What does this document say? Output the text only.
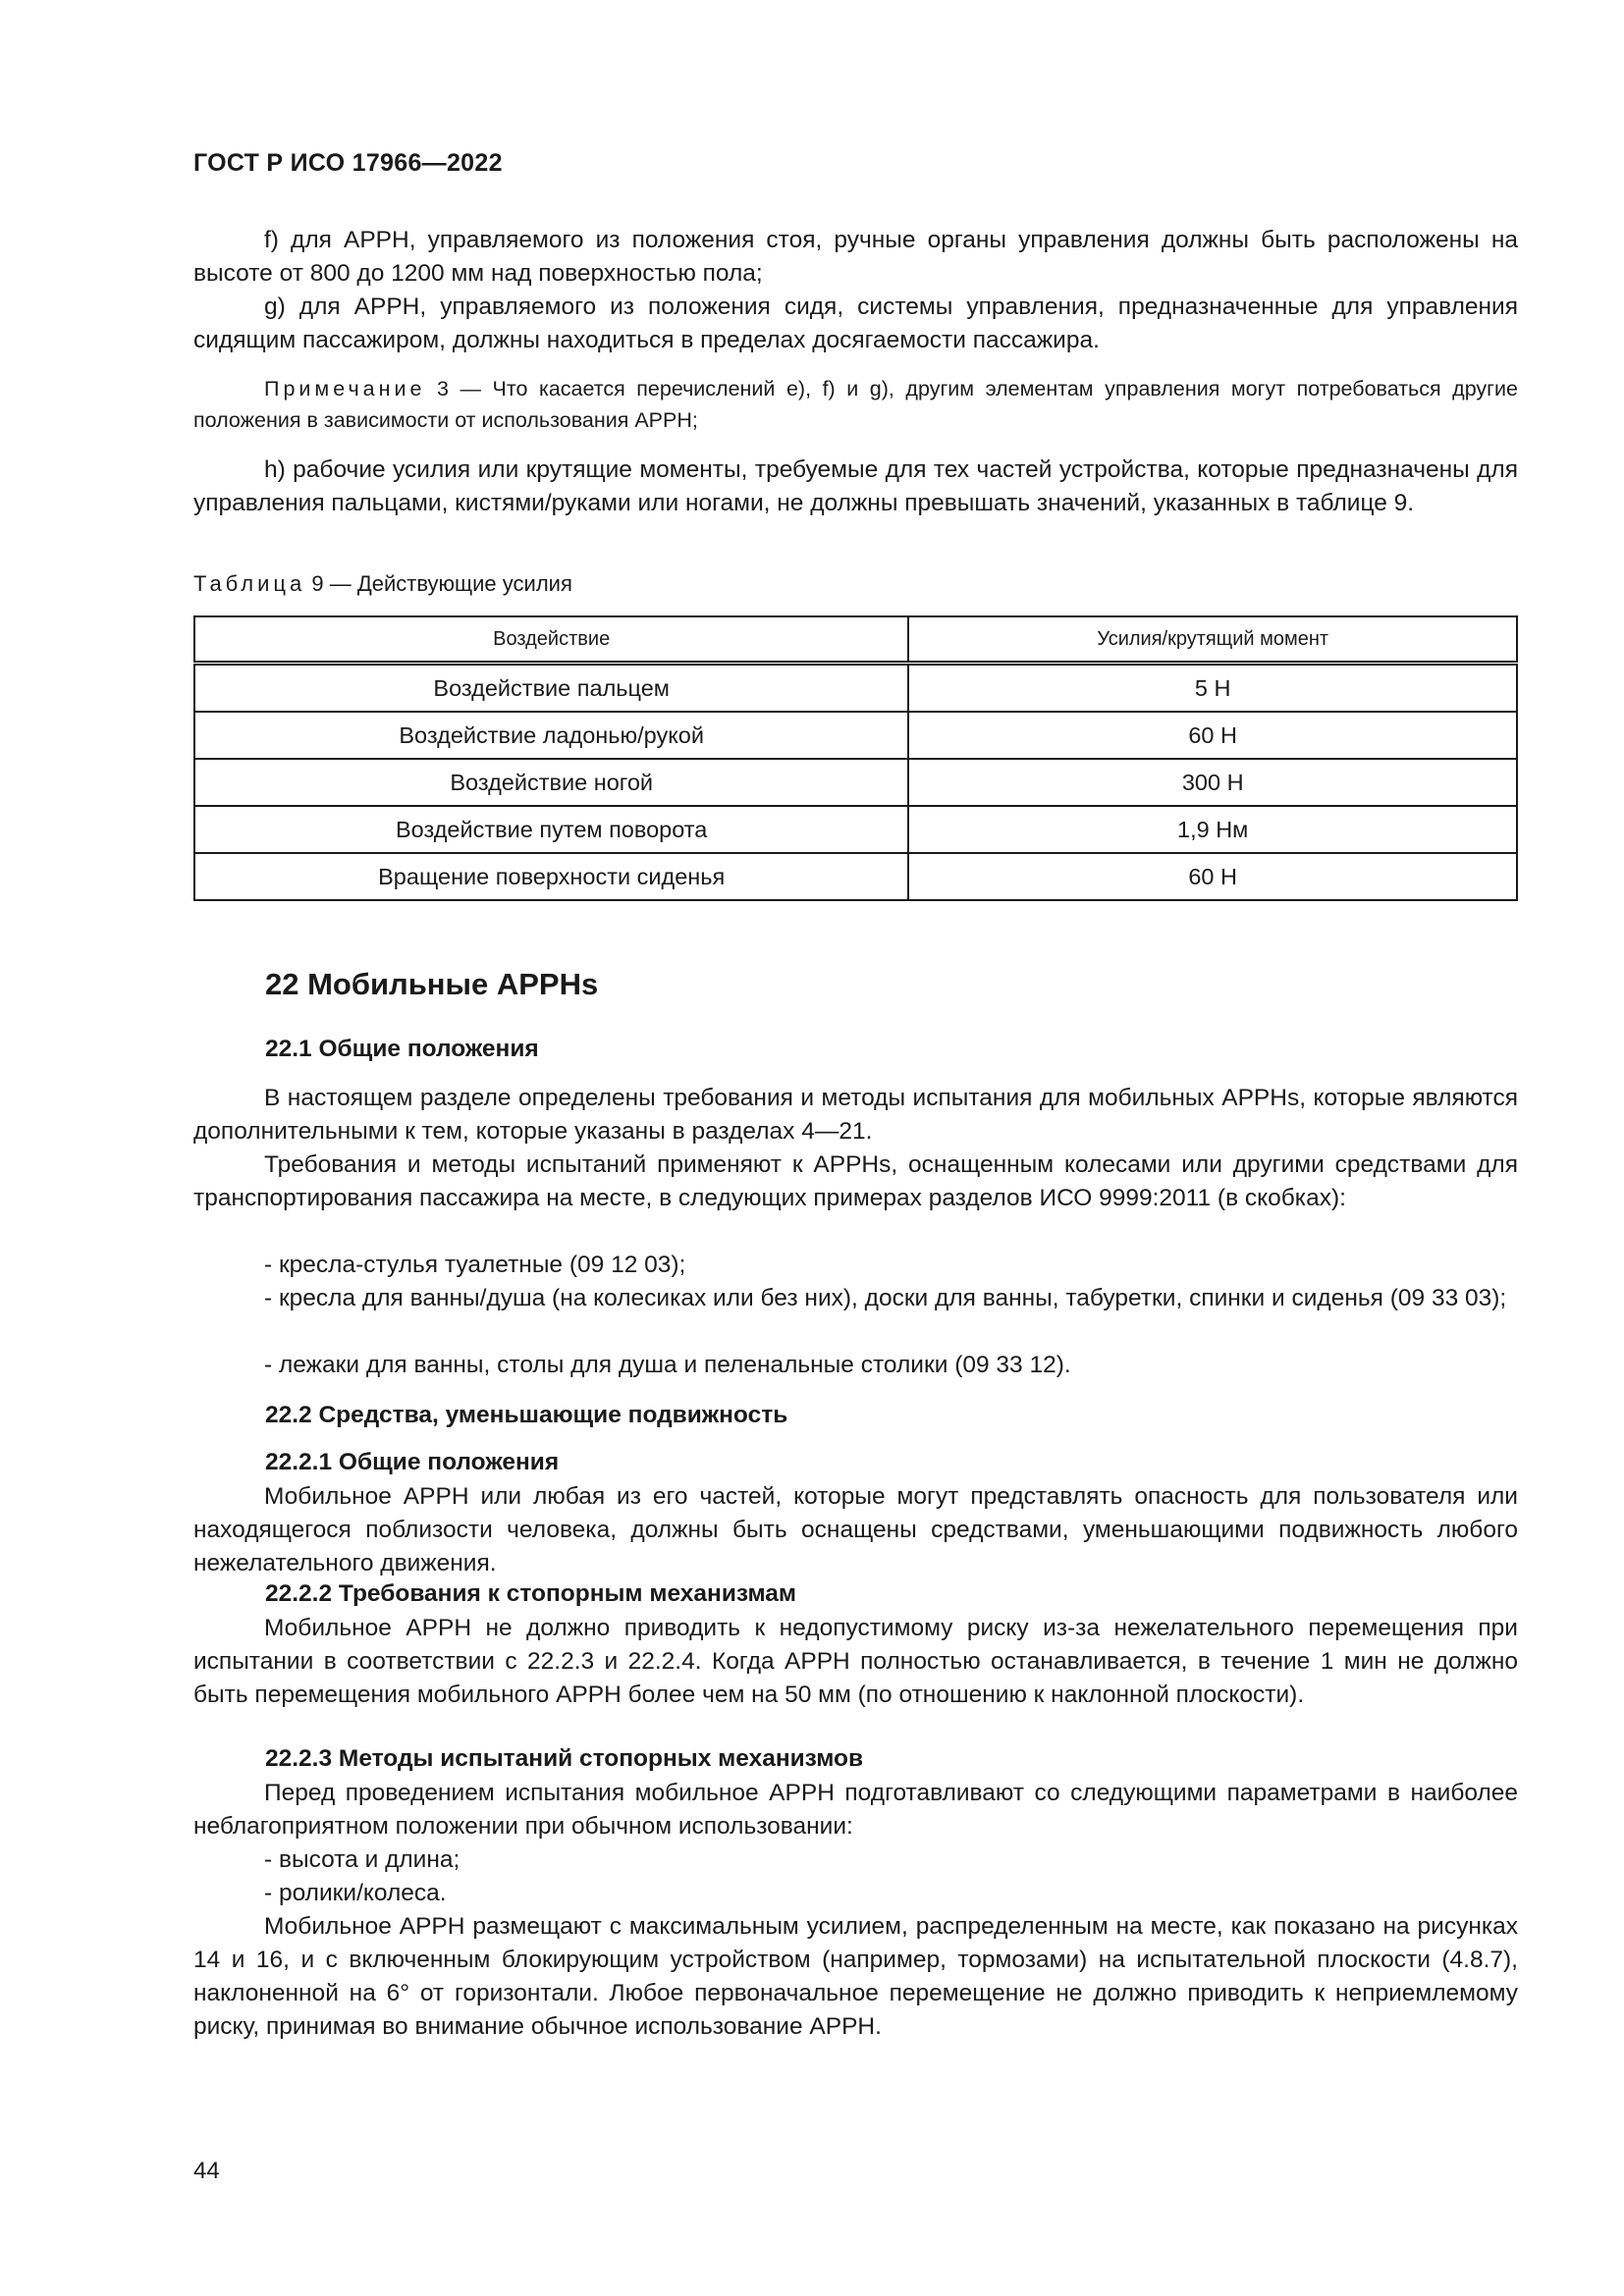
ГОСТ Р ИСО 17966—2022

f) для АРРН, управляемого из положения стоя, ручные органы управления должны быть расположены на высоте от 800 до 1200 мм над поверхностью пола;

g) для АРРН, управляемого из положения сидя, системы управления, предназначенные для управления сидящим пассажиром, должны находиться в пределах досягаемости пассажира.

Примечание 3 — Что касается перечислений е), f) и g), другим элементам управления могут потребоваться другие положения в зависимости от использования АРРН;

h) рабочие усилия или крутящие моменты, требуемые для тех частей устройства, которые предназначены для управления пальцами, кистями/руками или ногами, не должны превышать значений, указанных в таблице 9.

Таблица 9 — Действующие усилия
Воздействие	Усилия/крутящий момент
Воздействие пальцем	5 Н
Воздействие ладонью/рукой	60 Н
Воздействие ногой	300 Н
Воздействие путем поворота	1,9 Нм
Вращение поверхности сиденья	60 Н
22 Мобильные АРРНs
22.1 Общие положения

В настоящем разделе определены требования и методы испытания для мобильных АРРНs, которые являются дополнительными к тем, которые указаны в разделах 4—21.

Требования и методы испытаний применяют к АРРНs, оснащенным колесами или другими средствами для транспортирования пассажира на месте, в следующих примерах разделов ИСО 9999:2011 (в скобках):

- кресла-стулья туалетные (09 12 03);

- кресла для ванны/душа (на колесиках или без них), доски для ванны, табуретки, спинки и сиденья (09 33 03);

- лежаки для ванны, столы для душа и пеленальные столики (09 33 12).

22.2 Средства, уменьшающие подвижность
22.2.1 Общие положения

Мобильное АРРН или любая из его частей, которые могут представлять опасность для пользователя или находящегося поблизости человека, должны быть оснащены средствами, уменьшающими подвижность любого нежелательного движения.

22.2.2 Требования к стопорным механизмам

Мобильное АРРН не должно приводить к недопустимому риску из-за нежелательного перемещения при испытании в соответствии с 22.2.3 и 22.2.4. Когда АРРН полностью останавливается, в течение 1 мин не должно быть перемещения мобильного АРРН более чем на 50 мм (по отношению к наклонной плоскости).

22.2.3 Методы испытаний стопорных механизмов

Перед проведением испытания мобильное АРРН подготавливают со следующими параметрами в наиболее неблагоприятном положении при обычном использовании:

- высота и длина;

- ролики/колеса.

Мобильное АРРН размещают с максимальным усилием, распределенным на месте, как показано на рисунках 14 и 16, и с включенным блокирующим устройством (например, тормозами) на испытательной плоскости (4.8.7), наклоненной на 6° от горизонтали. Любое первоначальное перемещение не должно приводить к неприемлемому риску, принимая во внимание обычное использование АРРН.

44
